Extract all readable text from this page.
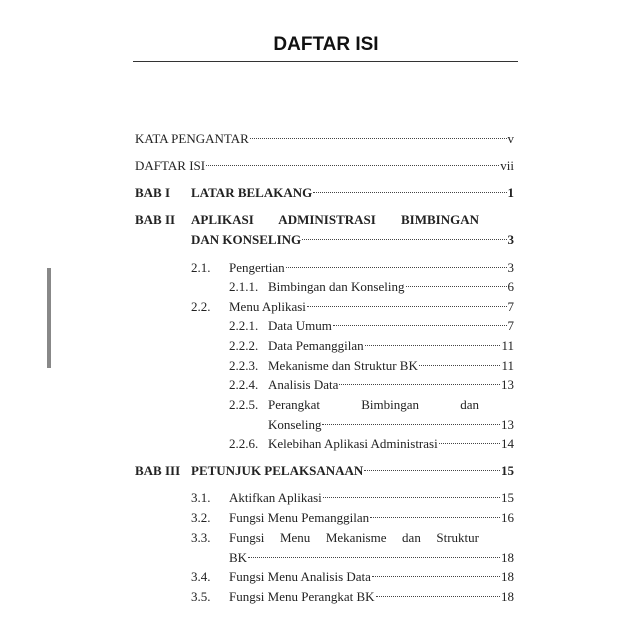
DAFTAR ISI
KATA PENGANTAR	v
DAFTAR ISI	vii
BAB I LATAR BELAKANG	1
BAB II APLIKASI ADMINISTRASI BIMBINGAN
DAN KONSELING	3
2.1. Pengertian	3
2.1.1. Bimbingan dan Konseling	6
2.2. Menu Aplikasi	7
2.2.1. Data Umum	7
2.2.2. Data Pemanggilan	11
2.2.3. Mekanisme dan Struktur BK	11
2.2.4. Analisis Data	13
2.2.5. Perangkat Bimbingan dan
Konseling	13
2.2.6. Kelebihan Aplikasi Administrasi	14
BAB III PETUNJUK PELAKSANAAN	15
3.1. Aktifkan Aplikasi	15
3.2. Fungsi Menu Pemanggilan	16
3.3. Fungsi Menu Mekanisme dan Struktur
BK	18
3.4. Fungsi Menu Analisis Data	18
3.5. Fungsi Menu Perangkat BK	18
